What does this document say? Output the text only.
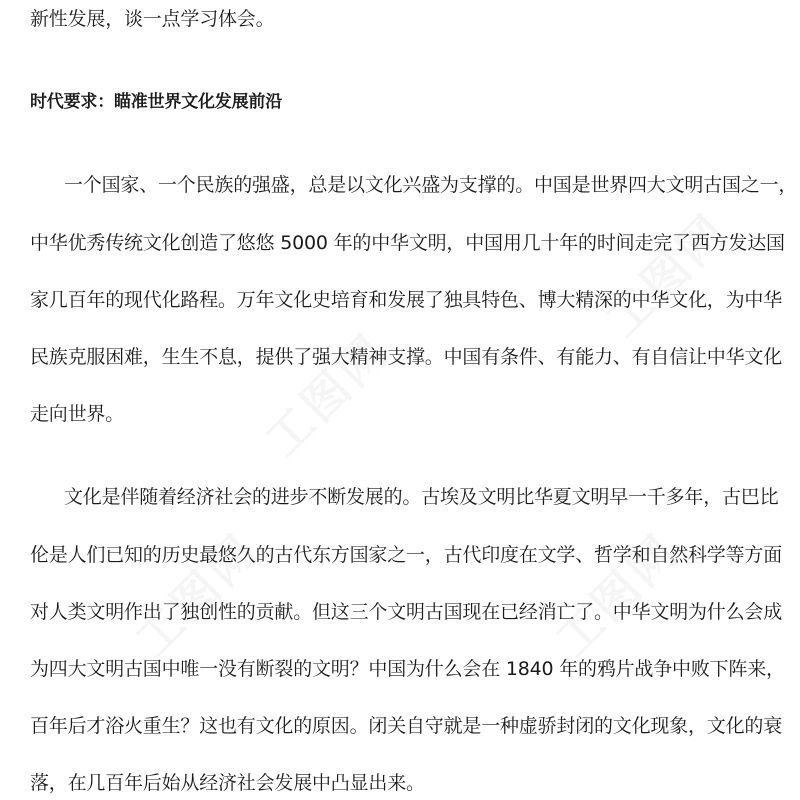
工图网
工图网
工图网	工图网
新性发展，谈一点学习体会。
时代要求：瞄准世界文化发展前沿
一个国家、一个民族的强盛，总是以文化兴盛为支撑的。中国是世界四大文明古国之一，
中华优秀传统文化创造了悠悠 5000 年的中华文明，中国用几十年的时间走完了西方发达国
家几百年的现代化路程。万年文化史培育和发展了独具特色、博大精深的中华文化，为中华
民族克服困难，生生不息，提供了强大精神支撑。中国有条件、有能力、有自信让中华文化
走向世界。
文化是伴随着经济社会的进步不断发展的。古埃及文明比华夏文明早一千多年，古巴比
伦是人们已知的历史最悠久的古代东方国家之一，古代印度在文学、哲学和自然科学等方面
对人类文明作出了独创性的贡献。但这三个文明古国现在已经消亡了。中华文明为什么会成
为四大文明古国中唯一没有断裂的文明？中国为什么会在 1840 年的鸦片战争中败下阵来，
百年后才浴火重生？这也有文化的原因。闭关自守就是一种虚骄封闭的文化现象，文化的衰
落，在几百年后始从经济社会发展中凸显出来。
